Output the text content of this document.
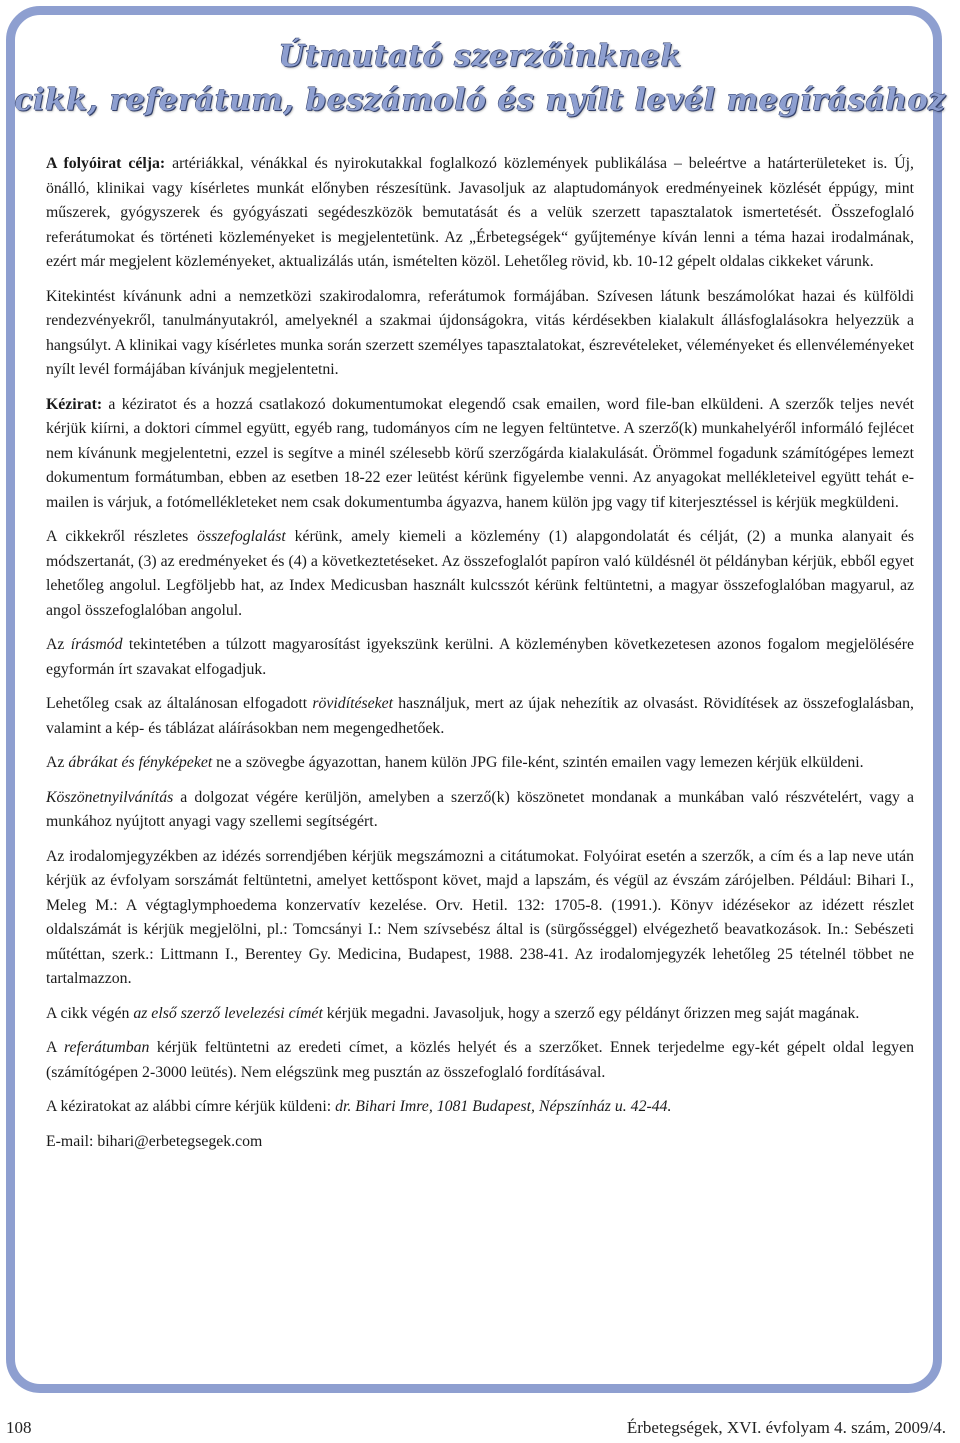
Útmutató szerzőinknek
cikk, referátum, beszámoló és nyílt levél megírásához

A folyóirat célja: artériákkal, vénákkal és nyirokutakkal foglalkozó közlemények publikálása – beleértve a határterületeket is. Új, önálló, klinikai vagy kísérletes munkát előnyben részesítünk. Javasoljuk az alaptudományok eredményeinek közlését éppúgy, mint műszerek, gyógyszerek és gyógyászati segédeszközök bemutatását és a velük szerzett tapasztalatok ismertetését. Összefoglaló referátumokat és történeti közleményeket is megjelentetünk. Az „Érbetegségek“ gyűjteménye kíván lenni a téma hazai irodalmának, ezért már megjelent közleményeket, aktualizálás után, ismételten közöl. Lehetőleg rövid, kb. 10-12 gépelt oldalas cikkeket várunk.

Kitekintést kívánunk adni a nemzetközi szakirodalomra, referátumok formájában. Szívesen látunk beszámolókat hazai és külföldi rendezvényekről, tanulmányutakról, amelyeknél a szakmai újdonságokra, vitás kérdésekben kialakult állásfoglalásokra helyezzük a hangsúlyt. A klinikai vagy kísérletes munka során szerzett személyes tapasztalatokat, észrevételeket, véleményeket és ellenvéleményeket nyílt levél formájában kívánjuk megjelentetni.

Kézirat: a kéziratot és a hozzá csatlakozó dokumentumokat elegendő csak emailen, word file-ban elküldeni. A szerzők teljes nevét kérjük kiírni, a doktori címmel együtt, egyéb rang, tudományos cím ne legyen feltüntetve. A szerző(k) munkahelyéről informáló fejlécet nem kívánunk megjelentetni, ezzel is segítve a minél szélesebb körű szerzőgárda kialakulását. Örömmel fogadunk számítógépes lemezt dokumentum formátumban, ebben az esetben 18-22 ezer leütést kérünk figyelembe venni. Az anyagokat mellékleteivel együtt tehát e-mailen is várjuk, a fotómellékleteket nem csak dokumentumba ágyazva, hanem külön jpg vagy tif kiterjesztéssel is kérjük megküldeni.

A cikkekről részletes összefoglalást kérünk, amely kiemeli a közlemény (1) alapgondolatát és célját, (2) a munka alanyait és módszertanát, (3) az eredményeket és (4) a következtetéseket. Az összefoglalót papíron való küldésnél öt példányban kérjük, ebből egyet lehetőleg angolul. Legföljebb hat, az Index Medicusban használt kulcsszót kérünk feltüntetni, a magyar összefoglalóban magyarul, az angol összefoglalóban angolul.

Az írásmód tekintetében a túlzott magyarosítást igyekszünk kerülni. A közleményben következetesen azonos fogalom megjelölésére egyformán írt szavakat elfogadjuk.

Lehetőleg csak az általánosan elfogadott rövidítéseket használjuk, mert az újak nehezítik az olvasást. Rövidítések az összefoglalásban, valamint a kép- és táblázat aláírásokban nem megengedhetőek.

Az ábrákat és fényképeket ne a szövegbe ágyazottan, hanem külön JPG file-ként, szintén emailen vagy lemezen kérjük elküldeni.

Köszönetnyilvánítás a dolgozat végére kerüljön, amelyben a szerző(k) köszönetet mondanak a munkában való részvételért, vagy a munkához nyújtott anyagi vagy szellemi segítségért.

Az irodalomjegyzékben az idézés sorrendjében kérjük megszámozni a citátumokat. Folyóirat esetén a szerzők, a cím és a lap neve után kérjük az évfolyam sorszámát feltüntetni, amelyet kettőspont követ, majd a lapszám, és végül az évszám zárójelben. Például: Bihari I., Meleg M.: A végtaglymphoedema konzervatív kezelése. Orv. Hetil. 132: 1705-8. (1991.). Könyv idézésekor az idézett részlet oldalszámát is kérjük megjelölni, pl.: Tomcsányi I.: Nem szívsebész által is (sürgősséggel) elvégezhető beavatkozások. In.: Sebészeti műtéttan, szerk.: Littmann I., Berentey Gy. Medicina, Budapest, 1988. 238-41. Az irodalomjegyzék lehetőleg 25 tételnél többet ne tartalmazzon.

A cikk végén az első szerző levelezési címét kérjük megadni. Javasoljuk, hogy a szerző egy példányt őrizzen meg saját magának.

A referátumban kérjük feltüntetni az eredeti címet, a közlés helyét és a szerzőket. Ennek terjedelme egy-két gépelt oldal legyen (számítógépen 2-3000 leütés). Nem elégszünk meg pusztán az összefoglaló fordításával.

A kéziratokat az alábbi címre kérjük küldeni: dr. Bihari Imre, 1081 Budapest, Népszínház u. 42-44.

E-mail: bihari@erbetegsegek.com

108	Érbetegségek, XVI. évfolyam 4. szám, 2009/4.
